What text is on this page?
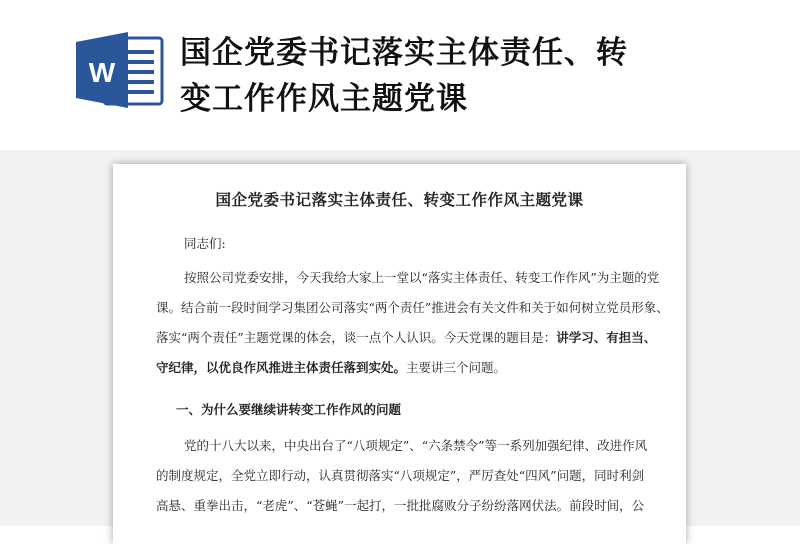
W
国企党委书记落实主体责任、转
变工作作风主题党课
国企党委书记落实主体责任、转变工作作风主题党课
同志们:
按照公司党委安排，今天我给大家上一堂以“落实主体责任、转变工作作风”为主题的党
课。结合前一段时间学习集团公司落实“两个责任”推进会有关文件和关于如何树立党员形象、
落实“两个责任”主题党课的体会，谈一点个人认识。今天党课的题目是：讲学习、有担当、
守纪律，以优良作风推进主体责任落到实处。主要讲三个问题。
一、为什么要继续讲转变工作作风的问题
党的十八大以来，中央出台了“八项规定”、“六条禁令”等一系列加强纪律、改进作风
的制度规定，全党立即行动，认真贯彻落实“八项规定”，严厉查处“四风”问题，同时利剑
高悬、重拳出击，“老虎”、“苍蝇”一起打，一批批腐败分子纷纷落网伏法。前段时间，公
